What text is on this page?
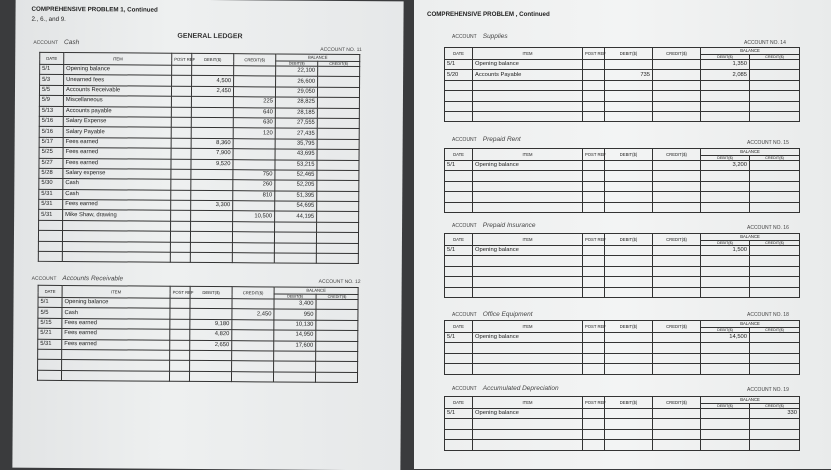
COMPREHENSIVE PROBLEM 1, Continued
2., 6., and 9.
GENERAL LEDGER
ACCOUNT Cash
ACCOUNT NO. 11
DATE	ITEM	POST REF	DEBIT($)	CREDIT($)	BALANCE	
					DEBIT($)	CREDIT($)
5/1	Opening balance				22,100	
5/3	Unearned fees		4,500		26,600	
5/5	Accounts Receivable		2,450		29,050	
5/9	Miscellaneous			225	28,825	
5/13	Accounts payable			640	28,185	
5/16	Salary Expense			630	27,555	
5/16	Salary Payable			120	27,435	
5/17	Fees earned		8,360		35,795	
5/25	Fees earned		7,900		43,695	
5/27	Fees earned		9,520		53,215	
5/28	Salary expense			750	52,465	
5/30	Cash			260	52,205	
5/31	Cash			810	51,395	
5/31	Fees earned		3,300		54,695	
5/31	Mike Shaw, drawing			10,500	44,195	

ACCOUNT Accounts Receivable	ACCOUNT NO. 12
DATE	ITEM	POST REF	DEBIT($)	CREDIT($)	BALANCE	
					DEBIT($)	CREDIT($)
5/1	Opening balance				3,400	
5/5	Cash			2,450	950	
5/15	Fees earned		9,180		10,130	
5/21	Fees earned		4,820		14,950	
5/31	Fees earned		2,650		17,600	

COMPREHENSIVE PROBLEM , Continued
ACCOUNT Supplies
ACCOUNT NO. 14
DATE	ITEM	POST REF	DEBIT($)	CREDIT($)	BALANCE	
					DEBIT($)	CREDIT($)
5/1	Opening balance				1,350	
5/20	Accounts Payable		735		2,085	

ACCOUNT Prepaid Rent	ACCOUNT NO. 15
DATE	ITEM	POST REF	DEBIT($)	CREDIT($)	BALANCE	
					DEBIT($)	CREDIT($)
5/1	Opening balance				3,200	

ACCOUNT Prepaid Insurance	ACCOUNT NO. 16
DATE	ITEM	POST REF	DEBIT($)	CREDIT($)	BALANCE	
					DEBIT($)	CREDIT($)
5/1	Opening balance				1,500	

ACCOUNT Office Equipment	ACCOUNT NO. 18
DATE	ITEM	POST REF	DEBIT($)	CREDIT($)	BALANCE	
					DEBIT($)	CREDIT($)
5/1	Opening balance				14,500	

ACCOUNT Accumulated Depreciation	ACCOUNT NO. 19
DATE	ITEM	POST REF	DEBIT($)	CREDIT($)	BALANCE	
					DEBIT($)	CREDIT($)
5/1	Opening balance					330
